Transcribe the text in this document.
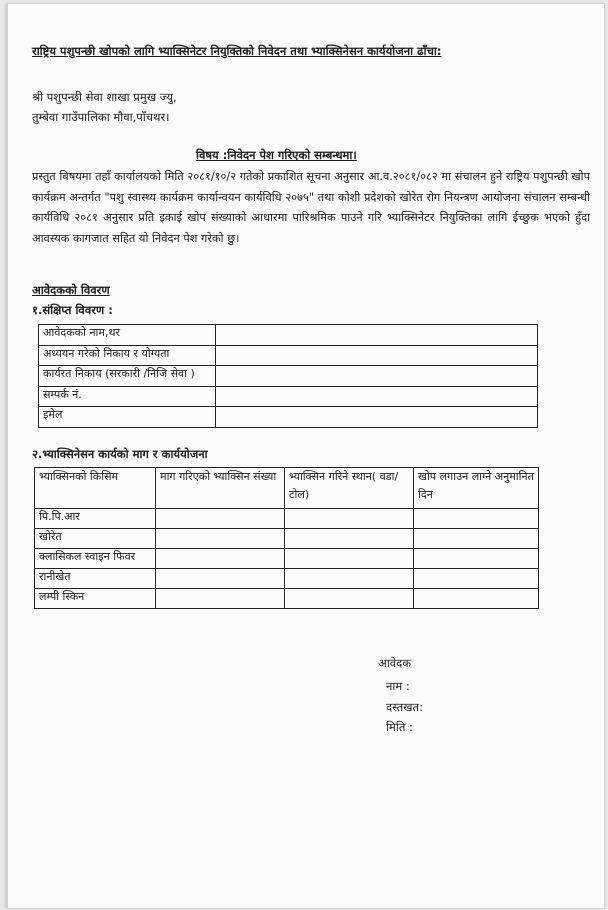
राष्ट्रिय पशुपन्छी खोपको लागि भ्याक्सिनेटर नियुक्तिको निवेदन तथा भ्याक्सिनेसन कार्ययोजना ढाँचा:
श्री पशुपन्छी सेवा शाखा प्रमुख ज्यु,
तुम्बेवा गाउँपालिका मौवा,पाँचथर।
विषय :निवेदन पेश गरिएको सम्बन्धमा।
प्रस्तुत बिषयमा तहाँ कार्यालयको मिति २०८१/१०/२ गतेको प्रकाशित सूचना अनुसार आ.व.२०८१/०८२ मा संचालन हुने राष्ट्रिय पशुपन्छी खोप कार्यक्रम अन्तर्गत "पशु स्वास्थ्य कार्यक्रम कार्यान्वयन कार्यविधि २०७५" तथा कोशी प्रदेशको खोरेत रोग नियन्त्रण आयोजना संचालन सम्बन्धी कार्यविधि २०८१ अनुसार प्रति इकाई खोप संख्याको आधारमा पारिश्रमिक पाउने गरि भ्याक्सिनेटर नियुक्तिका लागि ईच्छुक भएको हुँदा आवस्यक कागजात सहित यो निवेदन पेश गरेको छु।
आवेदकको विवरण
१.संक्षिप्त विवरण :
आवेदकको नाम,थर	
अध्ययन गरेको निकाय र योग्यता	
कार्यरत निकाय (सरकारी /निजि सेवा )	
सम्पर्क नं.	
इमेल	
२.भ्याक्सिनेसन कार्यको माग र कार्ययोजना
भ्याक्सिनको किसिम	माग गरिएको भ्याक्सिन संख्या	भ्याक्सिन गरिने स्थान( वडा/टोल)	खोप लगाउन लाग्ने अनुमानित दिन
पि.पि.आर			
खोरेत			
क्लासिकल स्वाइन फिवर			
रानीखेत			
लम्पी स्किन			
आवेदक
नाम :
दस्तखत:
मिति :
